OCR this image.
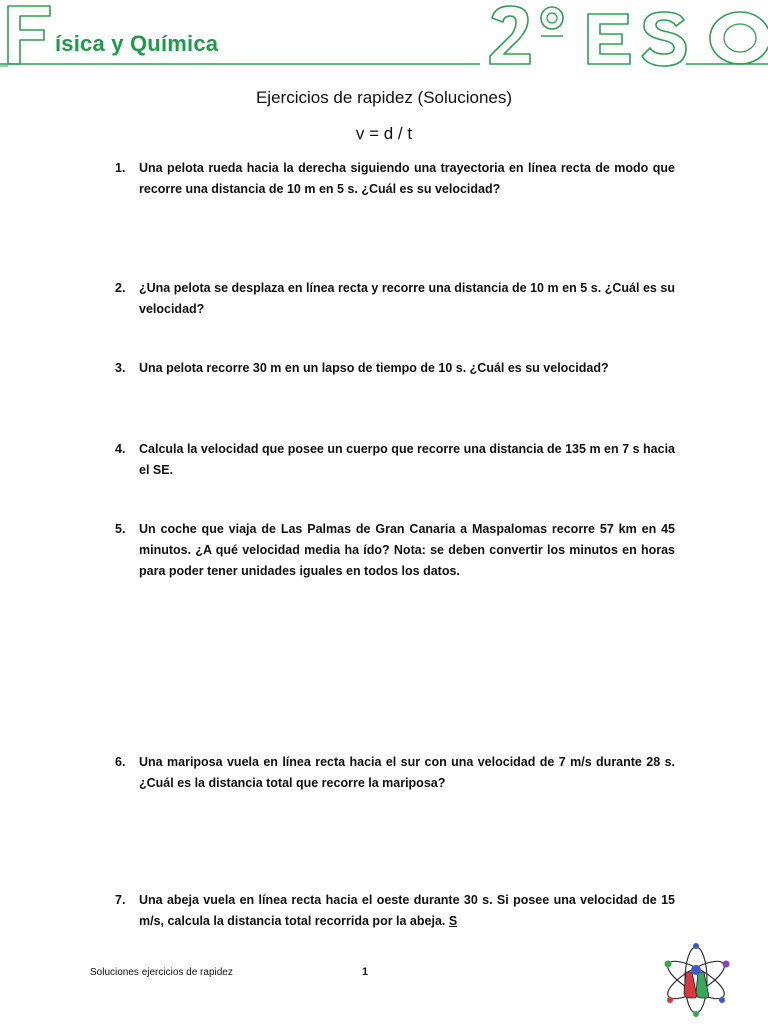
ísica y Química
Ejercicios de rapidez (Soluciones)
v = d / t
1.	Una pelota rueda hacia la derecha siguiendo una trayectoria en línea recta de modo que recorre una distancia de 10 m en 5 s. ¿Cuál es su velocidad?
2.	¿Una pelota se desplaza en línea recta y recorre una distancia de 10 m en 5 s. ¿Cuál es su velocidad?
3.	Una pelota recorre 30 m en un lapso de tiempo de 10 s. ¿Cuál es su velocidad?
4.	Calcula la velocidad que posee un cuerpo que recorre una distancia de 135 m en 7 s hacia el SE.
5.	Un coche que viaja de Las Palmas de Gran Canaria a Maspalomas recorre 57 km en 45 minutos. ¿A qué velocidad media ha ído? Nota: se deben convertir los minutos en horas para poder tener unidades iguales en todos los datos.
6.	Una mariposa vuela en línea recta hacia el sur con una velocidad de 7 m/s durante 28 s. ¿Cuál es la distancia total que recorre la mariposa?
7.	Una abeja vuela en línea recta hacia el oeste durante 30 s. Si posee una velocidad de 15 m/s, calcula la distancia total recorrida por la abeja. S
Soluciones ejercicios de rapidez	1
